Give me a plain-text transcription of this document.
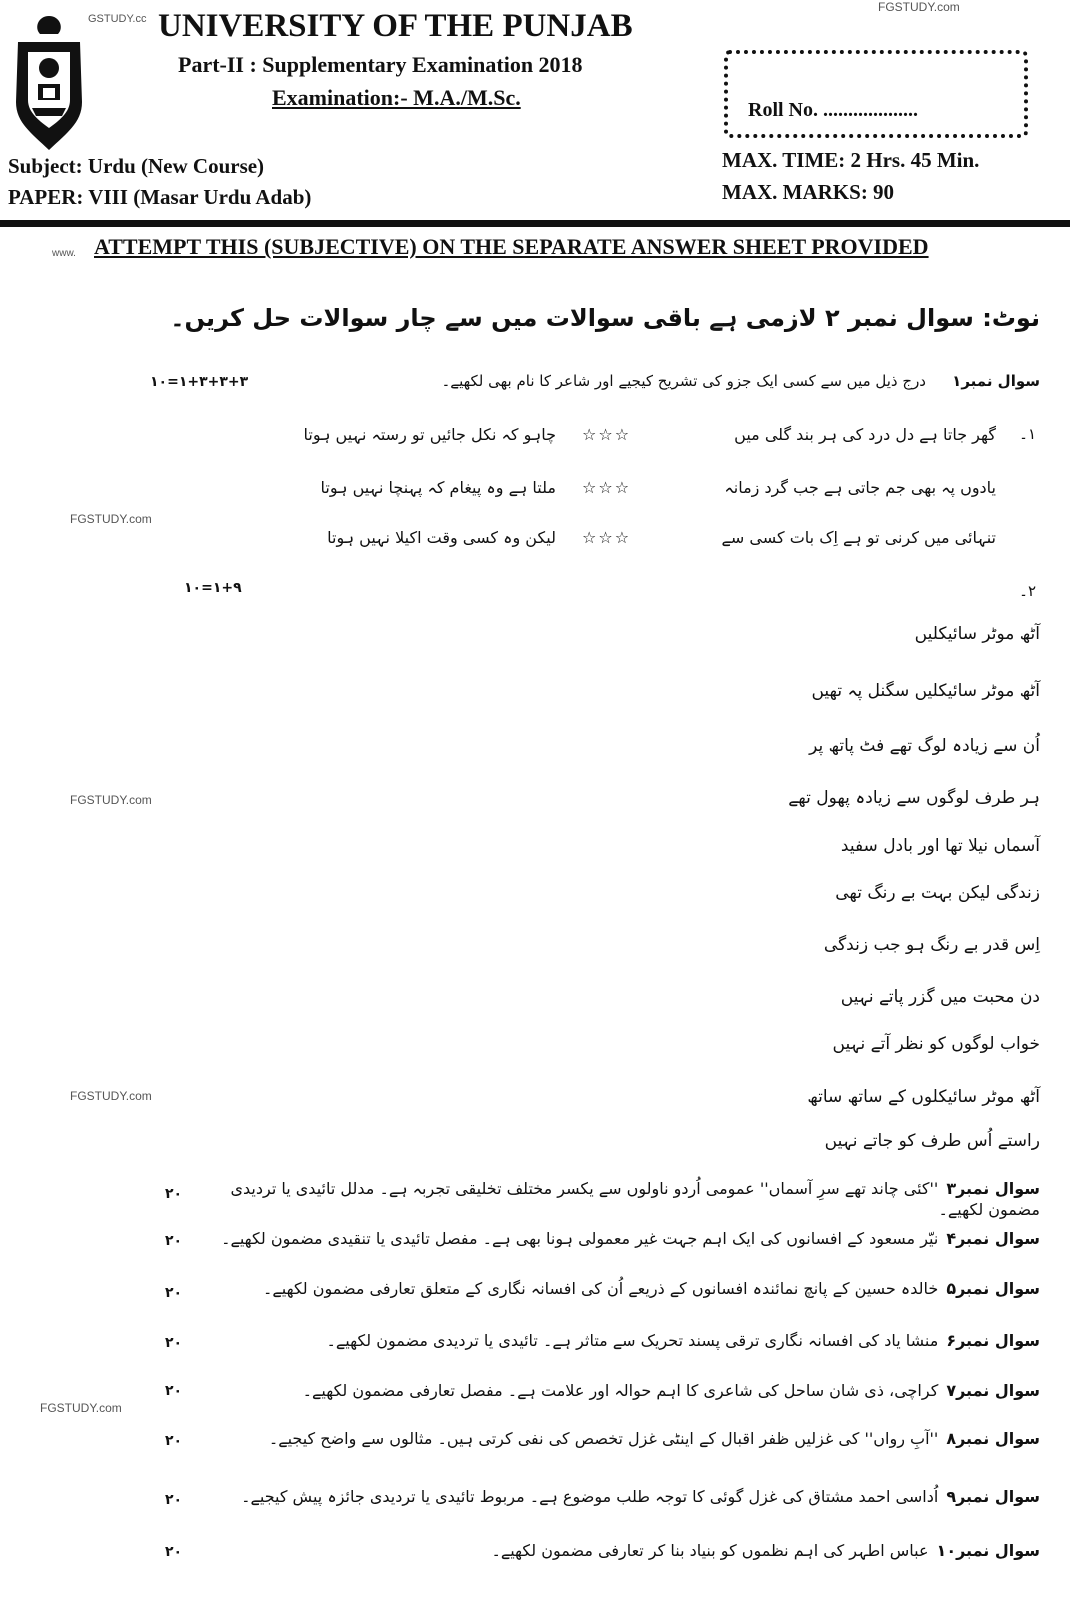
FGSTUDY.com
GSTUDY.cc
www.
FGSTUDY.com
FGSTUDY.com
FGSTUDY.com
FGSTUDY.com
UNIVERSITY OF THE PUNJAB
Part-II : Supplementary Examination 2018
Examination:- M.A./M.Sc.	Roll No. ...................
Subject: Urdu (New Course)
PAPER: VIII (Masar Urdu Adab)
MAX. TIME: 2 Hrs. 45 Min.
MAX. MARKS: 90
ATTEMPT THIS (SUBJECTIVE) ON THE SEPARATE ANSWER SHEET PROVIDED
نوٹ: سوال نمبر ۲ لازمی ہے باقی سوالات میں سے چار سوالات حل کریں۔
سوال نمبر۱
درج ذیل میں سے کسی ایک جزو کی تشریح کیجیے اور شاعر کا نام بھی لکھیے۔
۱+۳+۳+۳=۱۰
۱۔
گھر جاتا ہے دل درد کی ہر بند گلی میں
☆☆☆
چاہو کہ نکل جائیں تو رستہ نہیں ہوتا
یادوں پہ بھی جم جاتی ہے جب گرد زمانہ
☆☆☆
ملتا ہے وہ پیغام کہ پہنچا نہیں ہوتا
تنہائی میں کرنی تو ہے اِک بات کسی سے
☆☆☆
لیکن وہ کسی وقت اکیلا نہیں ہوتا
۲۔
۱+۹=۱۰
آٹھ موٹر سائیکلیں
آٹھ موٹر سائیکلیں سگنل پہ تھیں
اُن سے زیادہ لوگ تھے فٹ پاتھ پر
ہر طرف لوگوں سے زیادہ پھول تھے
آسماں نیلا تھا اور بادل سفید
زندگی لیکن بہت بے رنگ تھی
اِس قدر بے رنگ ہو جب زندگی
دن محبت میں گزر پاتے نہیں
خواب لوگوں کو نظر آتے نہیں
آٹھ موٹر سائیکلوں کے ساتھ ساتھ
راستے اُس طرف کو جاتے نہیں
سوال نمبر۳''کئی چاند تھے سرِ آسماں'' عمومی اُردو ناولوں سے یکسر مختلف تخلیقی تجربہ ہے۔ مدلل تائیدی یا تردیدی مضمون لکھیے۔
۲۰
سوال نمبر۴نیّر مسعود کے افسانوں کی ایک اہم جہت غیر معمولی ہونا بھی ہے۔ مفصل تائیدی یا تنقیدی مضمون لکھیے۔
۲۰
سوال نمبر۵خالدہ حسین کے پانچ نمائندہ افسانوں کے ذریعے اُن کی افسانہ نگاری کے متعلق تعارفی مضمون لکھیے۔
۲۰
سوال نمبر۶منشا یاد کی افسانہ نگاری ترقی پسند تحریک سے متاثر ہے۔ تائیدی یا تردیدی مضمون لکھیے۔
۲۰
سوال نمبر۷کراچی، ذی شان ساحل کی شاعری کا اہم حوالہ اور علامت ہے۔ مفصل تعارفی مضمون لکھیے۔
۲۰
سوال نمبر۸''آبِ رواں'' کی غزلیں ظفر اقبال کے اینٹی غزل تخصص کی نفی کرتی ہیں۔ مثالوں سے واضح کیجیے۔
۲۰
سوال نمبر۹اُداسی احمد مشتاق کی غزل گوئی کا توجہ طلب موضوع ہے۔ مربوط تائیدی یا تردیدی جائزہ پیش کیجیے۔
۲۰
سوال نمبر۱۰عباس اطہر کی اہم نظموں کو بنیاد بنا کر تعارفی مضمون لکھیے۔
۲۰
